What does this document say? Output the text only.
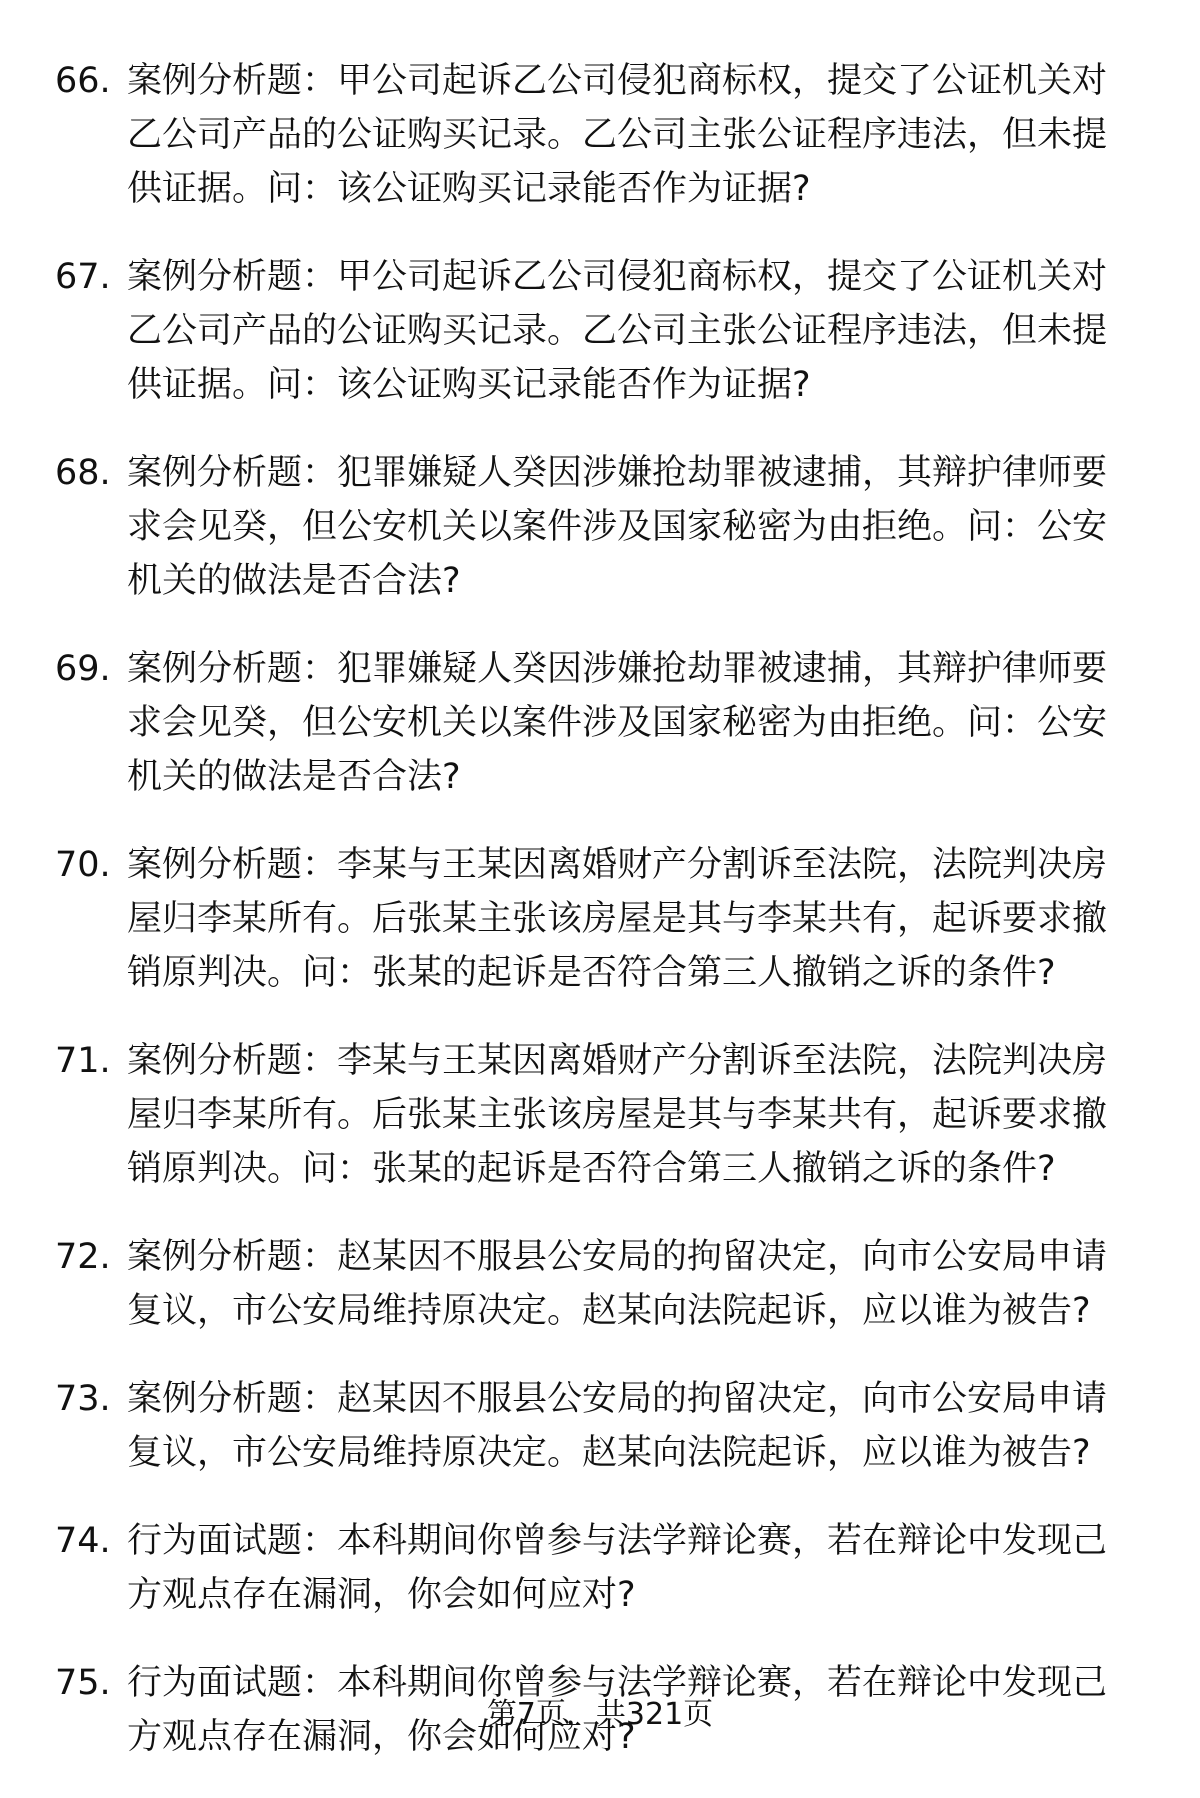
66. 案例分析题：甲公司起诉乙公司侵犯商标权，提交了公证机关对乙公司产品的公证购买记录。乙公司主张公证程序违法，但未提供证据。问：该公证购买记录能否作为证据?
67. 案例分析题：甲公司起诉乙公司侵犯商标权，提交了公证机关对乙公司产品的公证购买记录。乙公司主张公证程序违法，但未提供证据。问：该公证购买记录能否作为证据?
68. 案例分析题：犯罪嫌疑人癸因涉嫌抢劫罪被逮捕，其辩护律师要求会见癸，但公安机关以案件涉及国家秘密为由拒绝。问：公安机关的做法是否合法?
69. 案例分析题：犯罪嫌疑人癸因涉嫌抢劫罪被逮捕，其辩护律师要求会见癸，但公安机关以案件涉及国家秘密为由拒绝。问：公安机关的做法是否合法?
70. 案例分析题：李某与王某因离婚财产分割诉至法院，法院判决房屋归李某所有。后张某主张该房屋是其与李某共有，起诉要求撤销原判决。问：张某的起诉是否符合第三人撤销之诉的条件?
71. 案例分析题：李某与王某因离婚财产分割诉至法院，法院判决房屋归李某所有。后张某主张该房屋是其与李某共有，起诉要求撤销原判决。问：张某的起诉是否符合第三人撤销之诉的条件?
72. 案例分析题：赵某因不服县公安局的拘留决定，向市公安局申请复议，市公安局维持原决定。赵某向法院起诉，应以谁为被告?
73. 案例分析题：赵某因不服县公安局的拘留决定，向市公安局申请复议，市公安局维持原决定。赵某向法院起诉，应以谁为被告?
74. 行为面试题：本科期间你曾参与法学辩论赛，若在辩论中发现己方观点存在漏洞，你会如何应对?
75. 行为面试题：本科期间你曾参与法学辩论赛，若在辩论中发现己方观点存在漏洞，你会如何应对?
第7页，共321页
